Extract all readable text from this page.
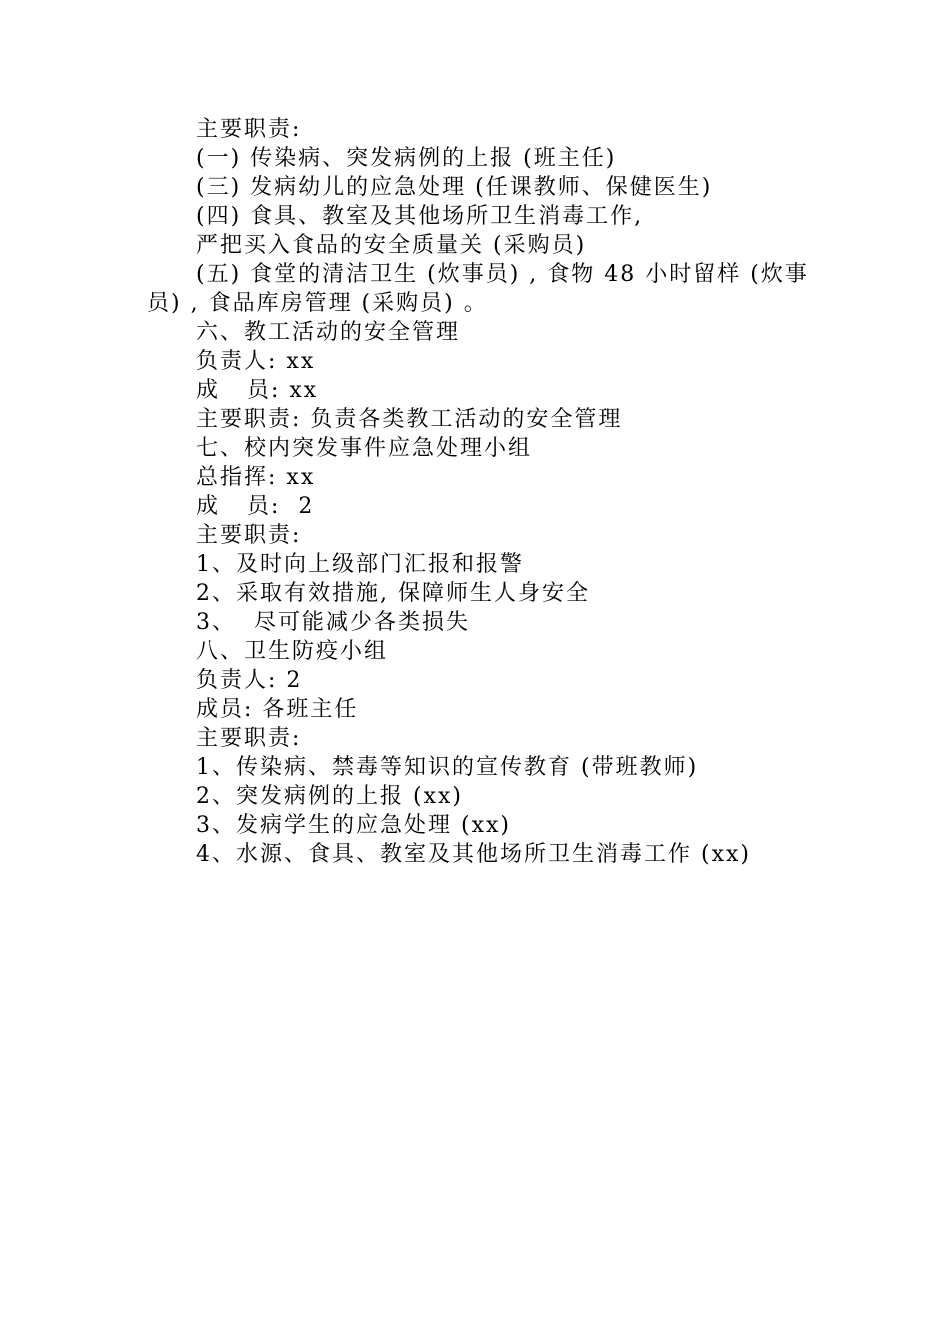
主要职责:
(一) 传染病、突发病例的上报 (班主任)
(三) 发病幼儿的应急处理 (任课教师、保健医生)
(四) 食具、教室及其他场所卫生消毒工作,
严把买入食品的安全质量关 (采购员)
(五) 食堂的清洁卫生 (炊事员) , 食物 48 小时留样 (炊事员) , 食品库房管理 (采购员) 。
六、教工活动的安全管理
负责人: xx
成   员: xx
主要职责: 负责各类教工活动的安全管理
七、校内突发事件应急处理小组
总指挥: xx
成   员:  2
主要职责:
1、及时向上级部门汇报和报警
2、采取有效措施, 保障师生人身安全
3、  尽可能减少各类损失
八、卫生防疫小组
负责人: 2
成员: 各班主任
主要职责:
1、传染病、禁毒等知识的宣传教育 (带班教师)
2、突发病例的上报 (xx)
3、发病学生的应急处理 (xx)
4、水源、食具、教室及其他场所卫生消毒工作 (xx)
